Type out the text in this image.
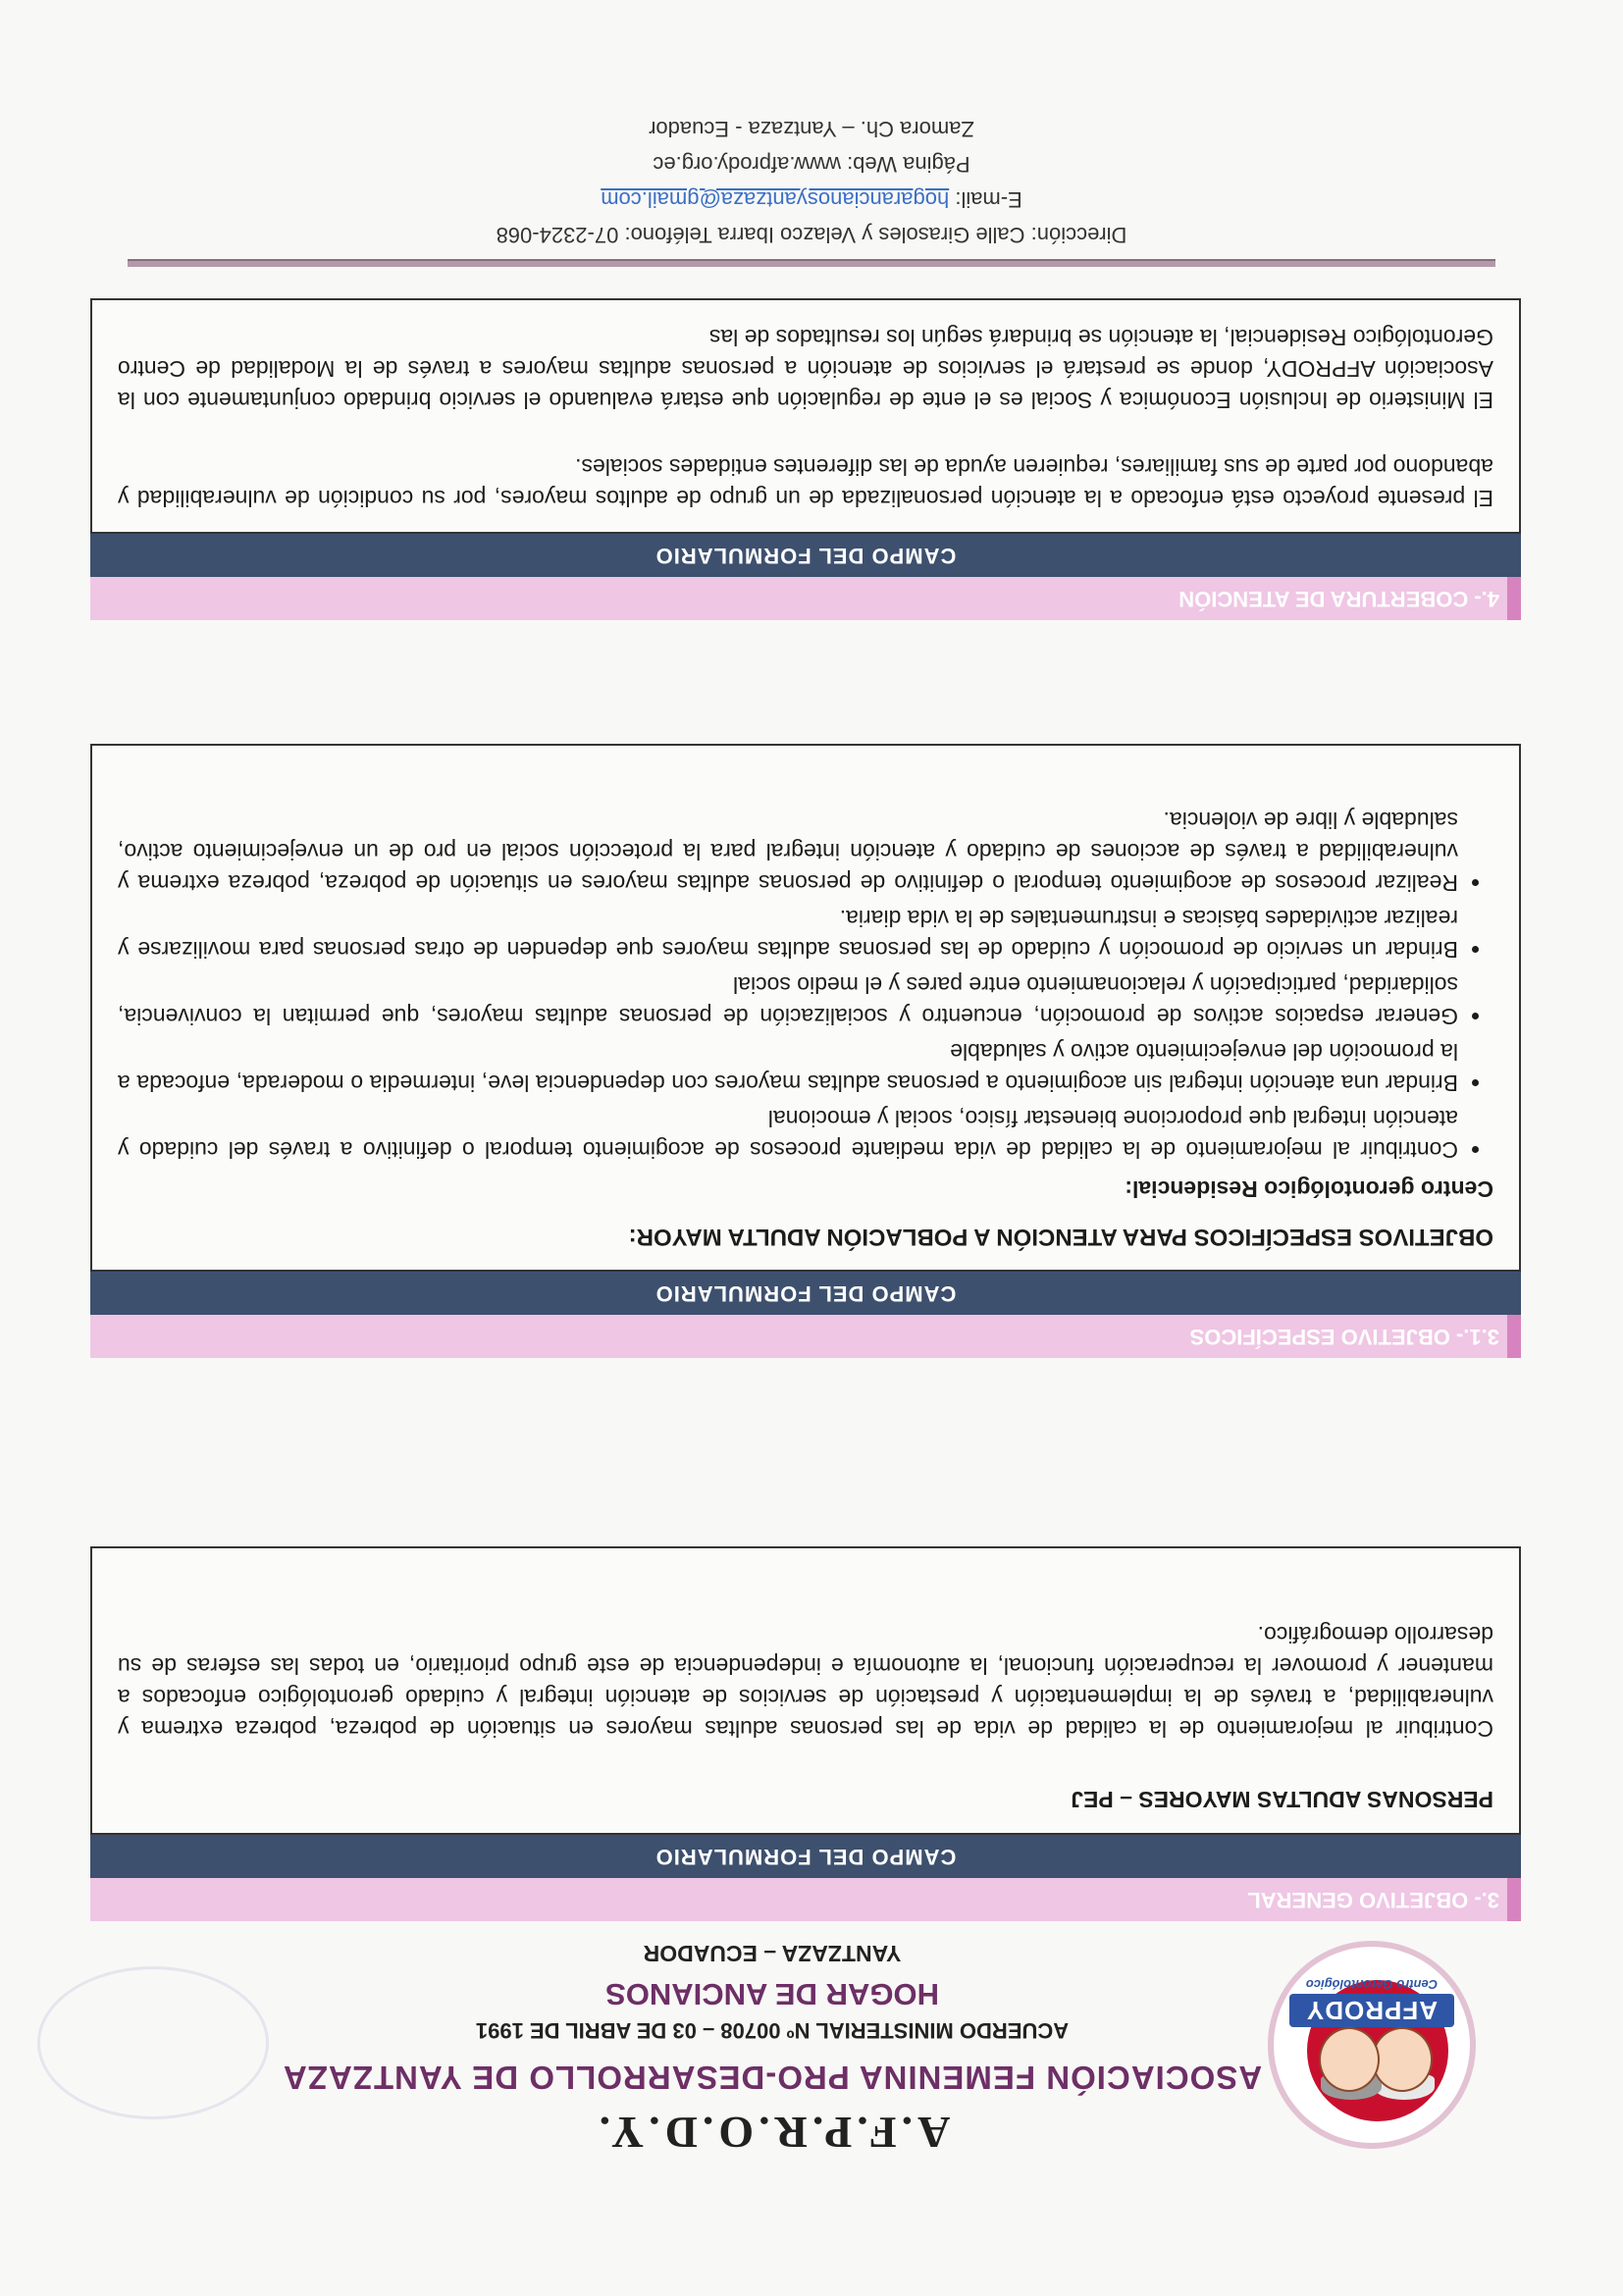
AFPRODY
Centro Gerontológico
A.F.P.R.O.D.Y.
ASOCIACIÓN FEMENINA PRO-DESARROLLO DE YANTZAZA
ACUERDO MINISTERIAL Nº 00708 – 03 DE ABRIL DE 1991
HOGAR DE ANCIANOS
YANTZAZA – ECUADOR
3.- OBJETIVO GENERAL
CAMPO DEL FORMULARIO

PERSONAS ADULTAS MAYORES – PEJ

Contribuir al mejoramiento de la calidad de vida de las personas adultas mayores en situación de pobreza, pobreza extrema y vulnerabilidad, a través de la implementación y prestación de servicios de atención integral y cuidado gerontológico enfocados a mantener y promover la recuperación funcional, la autonomía e independencia de este grupo prioritario, en todas las esferas de su desarrollo demográfico.

3.1.- OBJETIVO ESPECÍFICOS
CAMPO DEL FORMULARIO

OBJETIVOS ESPECÍFICOS PARA ATENCIÓN A POBLACIÓN ADULTA MAYOR:

Centro gerontológico Residencial:

• Contribuir al mejoramiento de la calidad de vida mediante procesos de acogimiento temporal o definitivo a través del cuidado y atención integral que proporcione bienestar físico, social y emocional
• Brindar una atención integral sin acogimiento a personas adultas mayores con dependencia leve, intermedia o moderada, enfocada a la promoción del envejecimiento activo y saludable
• Generar espacios activos de promoción, encuentro y socialización de personas adultas mayores, que permitan la convivencia, solidaridad, participación y relacionamiento entre pares y el medio social
• Brindar un servicio de promoción y cuidado de las personas adultas mayores que dependen de otras personas para movilizarse y realizar actividades básicas e instrumentales de la vida diaria.
• Realizar procesos de acogimiento temporal o definitivo de personas adultas mayores en situación de pobreza, pobreza extrema y vulnerabilidad a través de acciones de cuidado y atención integral para la protección social en pro de un envejecimiento activo, saludable y libre de violencia.
4.- COBERTURA DE ATENCIÓN
CAMPO DEL FORMULARIO

El presente proyecto está enfocado a la atención personalizada de un grupo de adultos mayores, por su condición de vulnerabilidad y abandono por parte de sus familiares, requieren ayuda de las diferentes entidades sociales.

El Ministerio de Inclusión Económica y Social es el ente de regulación que estará evaluando el servicio brindado conjuntamente con la Asociación AFPRODY, donde se prestará el servicios de atención a personas adultas mayores a través de la Modalidad de Centro Gerontológico Residencial, la atención se brindará según los resultados de las

Dirección: Calle Girasoles y Velazco Ibarra Teléfono: 07-2324-068
E-mail: hogarancianosyantzaza@gmail.com
Página Web: www.afprody.org.ec
Zamora Ch. – Yantzaza - Ecuador
